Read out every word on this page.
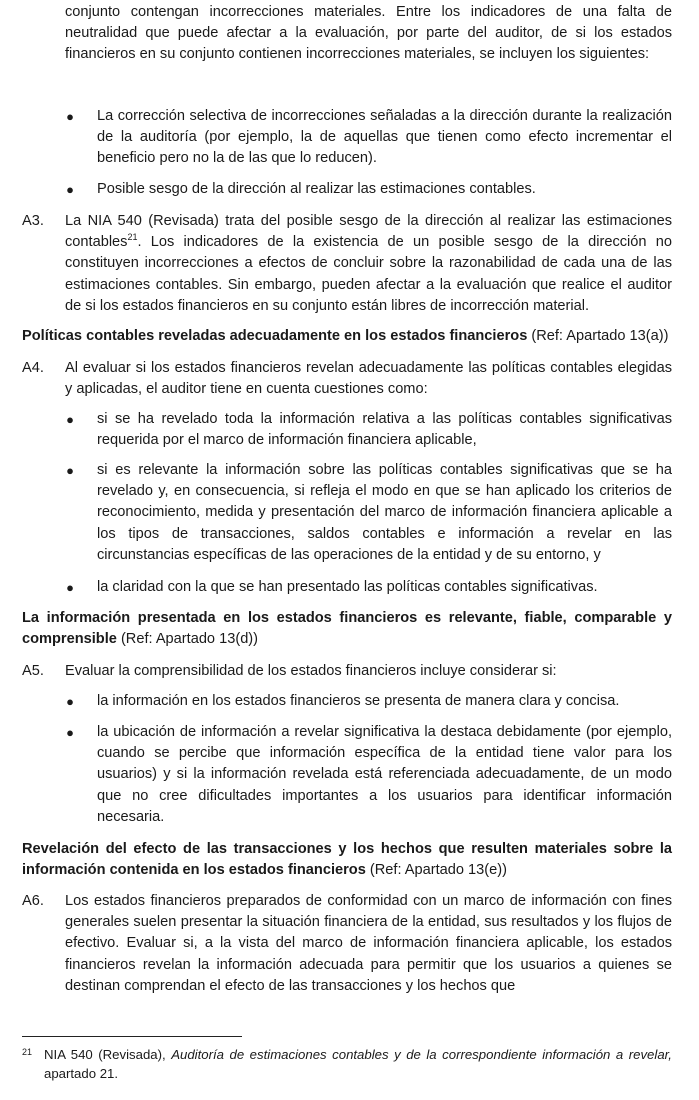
conjunto contengan incorrecciones materiales. Entre los indicadores de una falta de neutralidad que puede afectar a la evaluación, por parte del auditor, de si los estados financieros en su conjunto contienen incorrecciones materiales, se incluyen los siguientes:
● La corrección selectiva de incorrecciones señaladas a la dirección durante la realización de la auditoría (por ejemplo, la de aquellas que tienen como efecto incrementar el beneficio pero no la de las que lo reducen).
● Posible sesgo de la dirección al realizar las estimaciones contables.
A3. La NIA 540 (Revisada) trata del posible sesgo de la dirección al realizar las estimaciones contables$^{21}$. Los indicadores de la existencia de un posible sesgo de la dirección no constituyen incorrecciones a efectos de concluir sobre la razonabilidad de cada una de las estimaciones contables. Sin embargo, pueden afectar a la evaluación que realice el auditor de si los estados financieros en su conjunto están libres de incorrección material.
Políticas contables reveladas adecuadamente en los estados financieros (Ref: Apartado 13(a))
A4. Al evaluar si los estados financieros revelan adecuadamente las políticas contables elegidas y aplicadas, el auditor tiene en cuenta cuestiones como:
● si se ha revelado toda la información relativa a las políticas contables significativas requerida por el marco de información financiera aplicable,
● si es relevante la información sobre las políticas contables significativas que se ha revelado y, en consecuencia, si refleja el modo en que se han aplicado los criterios de reconocimiento, medida y presentación del marco de información financiera aplicable a los tipos de transacciones, saldos contables e información a revelar en las circunstancias específicas de las operaciones de la entidad y de su entorno, y
● la claridad con la que se han presentado las políticas contables significativas.
La información presentada en los estados financieros es relevante, fiable, comparable y comprensible (Ref: Apartado 13(d))
A5. Evaluar la comprensibilidad de los estados financieros incluye considerar si:
● la información en los estados financieros se presenta de manera clara y concisa.
● la ubicación de información a revelar significativa la destaca debidamente (por ejemplo, cuando se percibe que información específica de la entidad tiene valor para los usuarios) y si la información revelada está referenciada adecuadamente, de un modo que no cree dificultades importantes a los usuarios para identificar información necesaria.
Revelación del efecto de las transacciones y los hechos que resulten materiales sobre la información contenida en los estados financieros (Ref: Apartado 13(e))
A6. Los estados financieros preparados de conformidad con un marco de información con fines generales suelen presentar la situación financiera de la entidad, sus resultados y los flujos de efectivo. Evaluar si, a la vista del marco de información financiera aplicable, los estados financieros revelan la información adecuada para permitir que los usuarios a quienes se destinan comprendan el efecto de las transacciones y los hechos que
21 NIA 540 (Revisada), Auditoría de estimaciones contables y de la correspondiente información a revelar, apartado 21.
